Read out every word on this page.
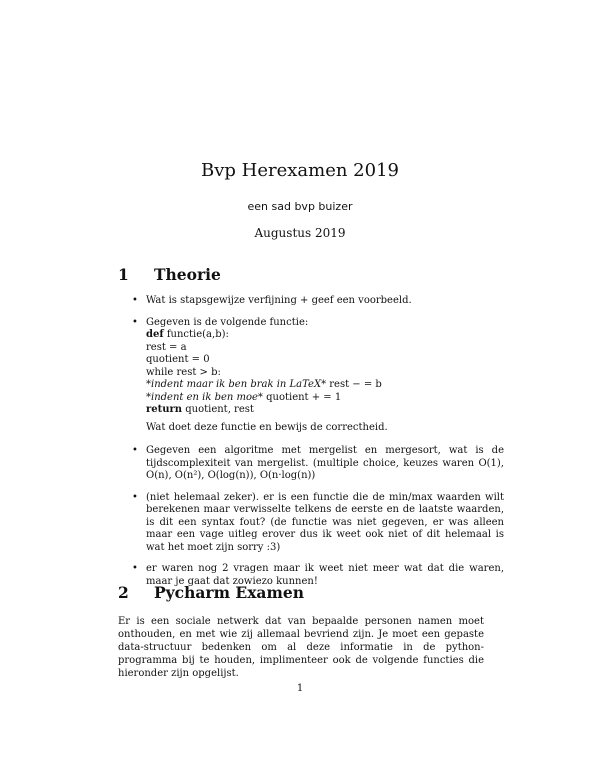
Bvp Herexamen 2019
een sad bvp buizer
Augustus 2019
1 Theorie
• Wat is stapsgewijze verfijning + geef een voorbeeld.
• Gegeven is de volgende functie:
def functie(a,b):
rest = a
quotient = 0
while rest > b:
*indent maar ik ben brak in LaTeX* rest − = b
*indent en ik ben moe* quotient + = 1
return quotient, rest
Wat doet deze functie en bewijs de correctheid.
• Gegeven een algoritme met mergelist en mergesort, wat is de tijdscomplexiteit van mergelist. (multiple choice, keuzes waren O(1), O(n), O(n²), O(log(n)), O(n·log(n))
• (niet helemaal zeker). er is een functie die de min/max waarden wilt berekenen maar verwisselte telkens de eerste en de laatste waarden, is dit een syntax fout? (de functie was niet gegeven, er was alleen maar een vage uitleg erover dus ik weet ook niet of dit helemaal is wat het moet zijn sorry :3)
• er waren nog 2 vragen maar ik weet niet meer wat dat die waren, maar je gaat dat zowiezo kunnen!
2 Pycharm Examen
Er is een sociale netwerk dat van bepaalde personen namen moet onthouden, en met wie zij allemaal bevriend zijn. Je moet een gepaste data-structuur bedenken om al deze informatie in de python-programma bij te houden, implimenteer ook de volgende functies die hieronder zijn opgelijst.
1
